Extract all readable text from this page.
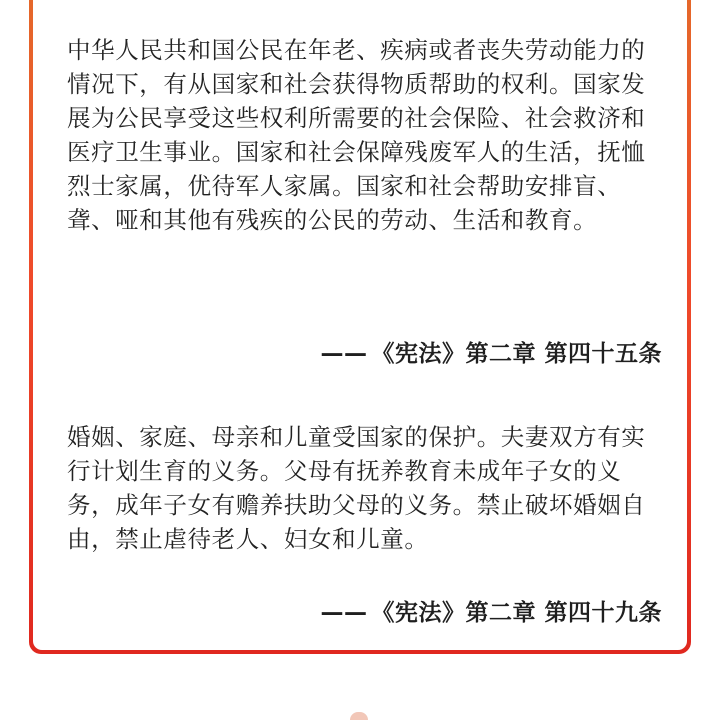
中华人民共和国公民在年老、疾病或者丧失劳动能力的情况下，有从国家和社会获得物质帮助的权利。国家发展为公民享受这些权利所需要的社会保险、社会救济和医疗卫生事业。国家和社会保障残废军人的生活，抚恤烈士家属，优待军人家属。国家和社会帮助安排盲、聋、哑和其他有残疾的公民的劳动、生活和教育。

—— 《宪法》第二章 第四十五条

婚姻、家庭、母亲和儿童受国家的保护。夫妻双方有实行计划生育的义务。父母有抚养教育未成年子女的义务，成年子女有赡养扶助父母的义务。禁止破坏婚姻自由，禁止虐待老人、妇女和儿童。

—— 《宪法》第二章 第四十九条
